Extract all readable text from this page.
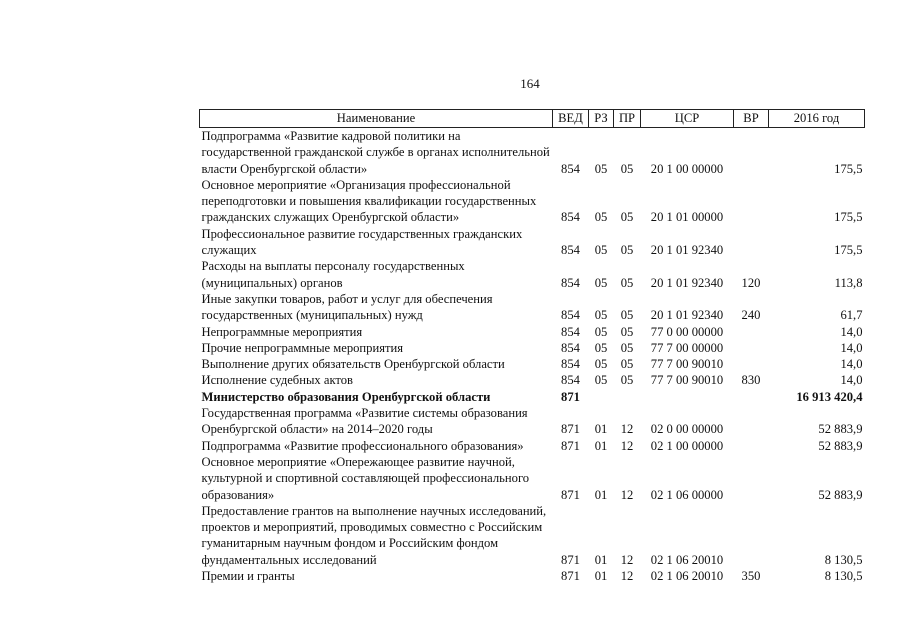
164
Наименование	ВЕД	РЗ	ПР	ЦСР	ВР	2016 год
Подпрограмма «Развитие кадровой политики на государственной гражданской службе в органах исполнительной власти Оренбургской области»	854	05	05	20 1 00 00000		175,5
Основное мероприятие «Организация профессиональной переподготовки и повышения квалификации государственных гражданских служащих Оренбургской области»	854	05	05	20 1 01 00000		175,5
Профессиональное развитие государственных гражданских служащих	854	05	05	20 1 01 92340		175,5
Расходы на выплаты персоналу государственных (муниципальных) органов	854	05	05	20 1 01 92340	120	113,8
Иные закупки товаров, работ и услуг для обеспечения государственных (муниципальных) нужд	854	05	05	20 1 01 92340	240	61,7
Непрограммные мероприятия	854	05	05	77 0 00 00000		14,0
Прочие непрограммные мероприятия	854	05	05	77 7 00 00000		14,0
Выполнение других обязательств Оренбургской области	854	05	05	77 7 00 90010		14,0
Исполнение судебных актов	854	05	05	77 7 00 90010	830	14,0
Министерство образования Оренбургской области	871					16 913 420,4
Государственная программа «Развитие системы образования Оренбургской области» на 2014–2020 годы	871	01	12	02 0 00 00000		52 883,9
Подпрограмма «Развитие профессионального образования»	871	01	12	02 1 00 00000		52 883,9
Основное мероприятие «Опережающее развитие научной, культурной и спортивной составляющей профессионального образования»	871	01	12	02 1 06 00000		52 883,9
Предоставление грантов на выполнение научных исследований, проектов и мероприятий, проводимых совместно с Российским гуманитарным научным фондом и Российским фондом фундаментальных исследований	871	01	12	02 1 06 20010		8 130,5
Премии и гранты	871	01	12	02 1 06 20010	350	8 130,5
